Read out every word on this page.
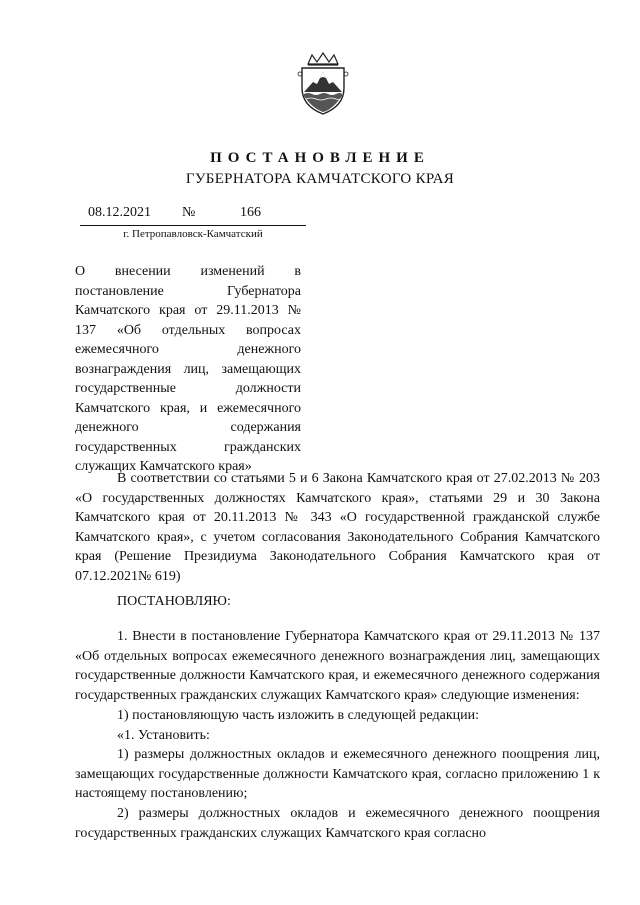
ПОСТАНОВЛЕНИЕ
ГУБЕРНАТОРА КАМЧАТСКОГО КРАЯ
08.12.2021 №	166
г. Петропавловск-Камчатский

О внесении изменений в постановление Губернатора Камчатского края от 29.11.2013 № 137 «Об отдельных вопросах ежемесячного денежного вознаграждения лиц, замещающих государственные должности Камчатского края, и ежемесячного денежного содержания государственных гражданских служащих Камчатского края»

В соответствии со статьями 5 и 6 Закона Камчатского края от 27.02.2013 № 203 «О государственных должностях Камчатского края», статьями 29 и 30 Закона Камчатского края от 20.11.2013 № 343 «О государственной гражданской службе Камчатского края», с учетом согласования Законодательного Собрания Камчатского края (Решение Президиума Законодательного Собрания Камчатского края от 07.12.2021№ 619)

ПОСТАНОВЛЯЮ:

1. Внести в постановление Губернатора Камчатского края от 29.11.2013 № 137 «Об отдельных вопросах ежемесячного денежного вознаграждения лиц, замещающих государственные должности Камчатского края, и ежемесячного денежного содержания государственных гражданских служащих Камчатского края» следующие изменения:

1) постановляющую часть изложить в следующей редакции:

«1. Установить:

1) размеры должностных окладов и ежемесячного денежного поощрения лиц, замещающих государственные должности Камчатского края, согласно приложению 1 к настоящему постановлению;

2) размеры должностных окладов и ежемесячного денежного поощрения государственных гражданских служащих Камчатского края согласно
